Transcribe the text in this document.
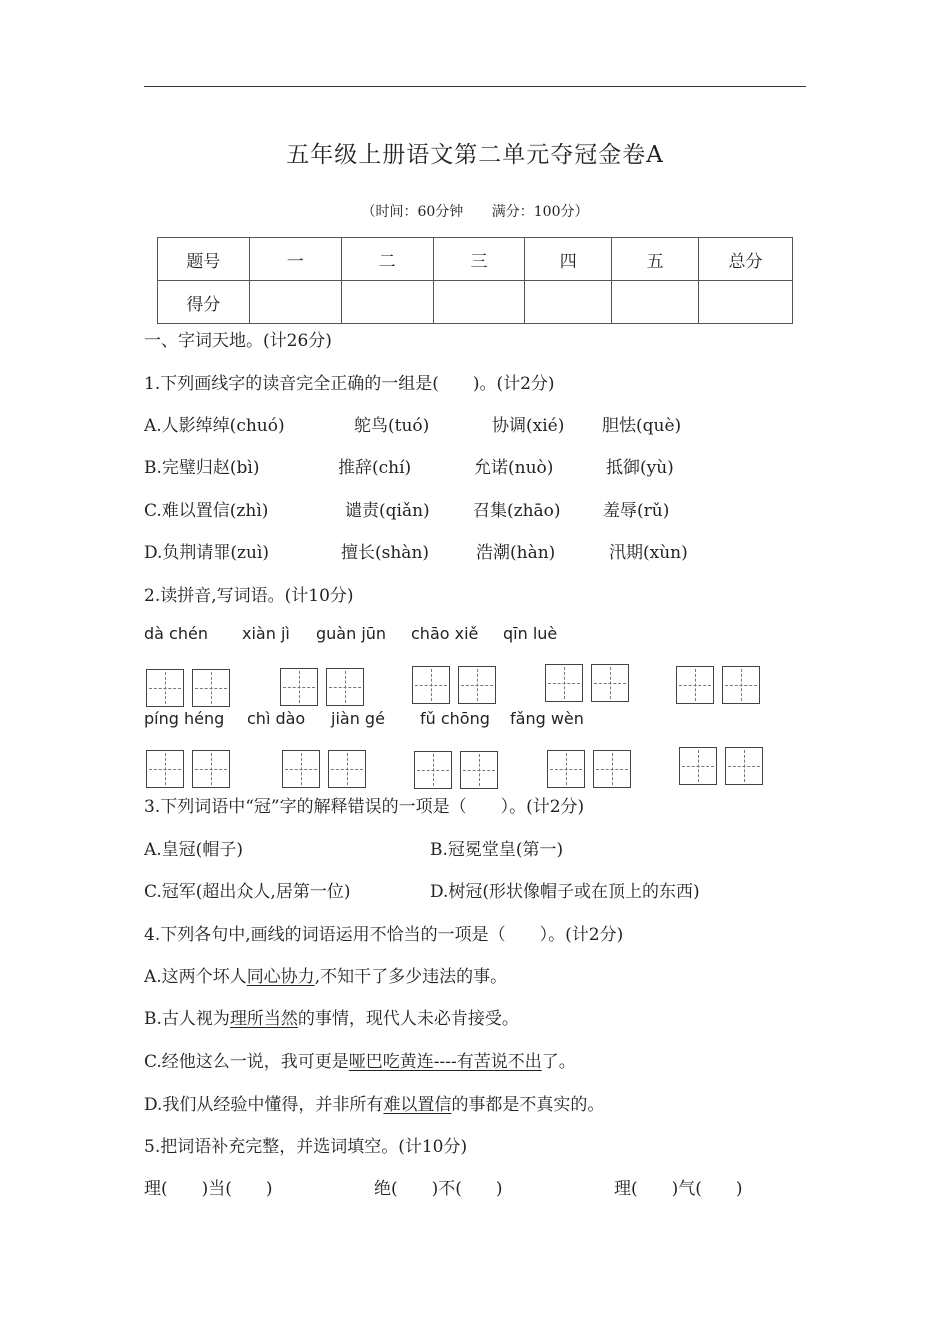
五年级上册语文第二单元夺冠金卷A
（时间：60分钟 满分：100分）
题号	一	二	三	四	五	总分
得分						
一、字词天地。(计26分)
1.下列画线字的读音完全正确的一组是(　　)。(计2分)
A.人影绰绰(chuó)	鸵鸟(tuó)	协调(xié) 胆怯(què)
B.完璧归赵(bì)	推辞(chí)	允诺(nuò)	抵御(yù)
C.难以置信(zhì)	谴责(qiǎn)	召集(zhāo) 羞辱(rǔ)
D.负荆请罪(zuì)	擅长(shàn)	浩潮(hàn)	汛期(xùn)
2.读拼音,写词语。(计10分)
dà chén xiàn jì guàn jūn chāo xiě qīn luè
píng héng chì dào jiàn gé fǔ chōng fǎng wèn
3.下列词语中“冠”字的解释错误的一项是（　　）。(计2分)
A.皇冠(帽子)	B.冠冕堂皇(第一)
C.冠军(超出众人,居第一位)	D.树冠(形状像帽子或在顶上的东西)
4.下列各句中,画线的词语运用不恰当的一项是（　　）。(计2分)
A.这两个坏人同心协力,不知干了多少违法的事。
B.古人视为理所当然的事情，现代人未必肯接受。
C.经他这么一说，我可更是哑巴吃黄连----有苦说不出了。
D.我们从经验中懂得，并非所有难以置信的事都是不真实的。
5.把词语补充完整，并选词填空。(计10分)
理(　　)当(　　)	绝(　　)不(　　)	理(　　)气(　　)
